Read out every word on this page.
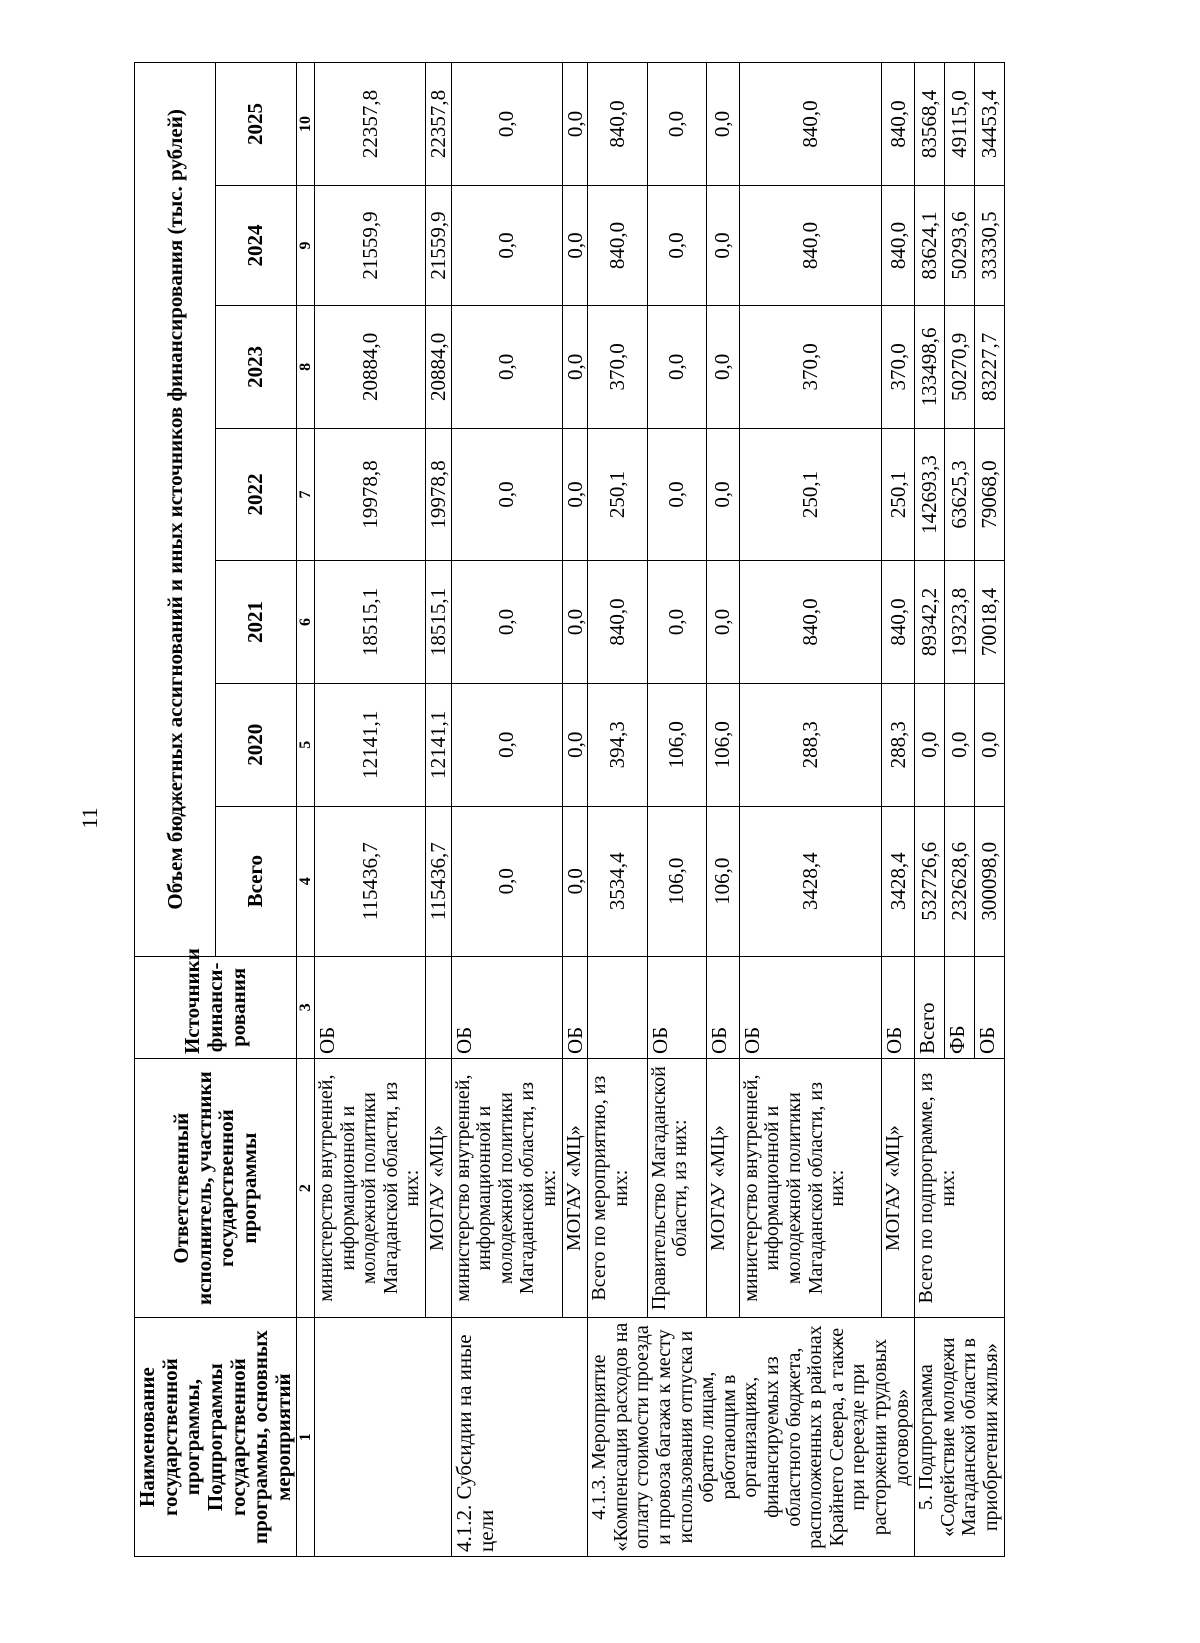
11
Наименование государственной программы, Подпрограммы государственной программы, основных мероприятий	Ответственный исполнитель, участники государственной программы	Источники финанси-рования	Объем бюджетных ассигнований и иных источников финансирования (тыс. рублей)						
			Всего	2020	2021	2022	2023	2024	2025
1	2	3	4	5	6	7	8	9	10
	министерство внутренней, информационной и молодежной политики Магаданской области, из них:	ОБ	115436,7	12141,1	18515,1	19978,8	20884,0	21559,9	22357,8
	МОГАУ «МЦ»		115436,7	12141,1	18515,1	19978,8	20884,0	21559,9	22357,8
4.1.2. Субсидии на иные цели	министерство внутренней, информационной и молодежной политики Магаданской области, из них:	ОБ	0,0	0,0	0,0	0,0	0,0	0,0	0,0
	МОГАУ «МЦ»	ОБ	0,0	0,0	0,0	0,0	0,0	0,0	0,0
4.1.3. Мероприятие «Компенсация расходов на оплату стоимости проезда и провоза багажа к месту использования отпуска и обратно лицам, работающим в организациях, финансируемых из областного бюджета, расположенных в районах Крайнего Севера, а также при переезде при расторжении трудовых договоров»	Всего по мероприятию, из них:		3534,4	394,3	840,0	250,1	370,0	840,0	840,0
	Правительство Магаданской области, из них:	ОБ	106,0	106,0	0,0	0,0	0,0	0,0	0,0
	МОГАУ «МЦ»	ОБ	106,0	106,0	0,0	0,0	0,0	0,0	0,0
	министерство внутренней, информационной и молодежной политики Магаданской области, из них:	ОБ	3428,4	288,3	840,0	250,1	370,0	840,0	840,0
	МОГАУ «МЦ»	ОБ	3428,4	288,3	840,0	250,1	370,0	840,0	840,0
5. Подпрограмма «Содействие молодежи Магаданской области в приобретении жилья»	Всего по подпрограмме, из них:	Всего	532726,6	0,0	89342,2	142693,3	133498,6	83624,1	83568,4
		ФБ	232628,6	0,0	19323,8	63625,3	50270,9	50293,6	49115,0
		ОБ	300098,0	0,0	70018,4	79068,0	83227,7	33330,5	34453,4
